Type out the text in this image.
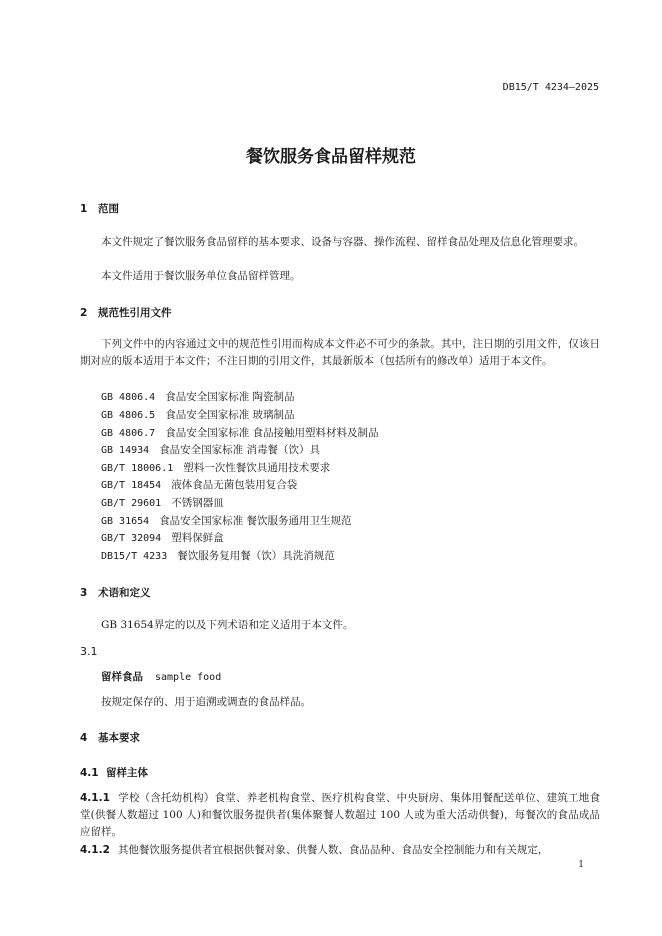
DB15/T 4234—2025
餐饮服务食品留样规范
1 范围
本文件规定了餐饮服务食品留样的基本要求、设备与容器、操作流程、留样食品处理及信息化管理要求。
本文件适用于餐饮服务单位食品留样管理。
2 规范性引用文件
下列文件中的内容通过文中的规范性引用而构成本文件必不可少的条款。其中，注日期的引用文件，仅该日期对应的版本适用于本文件；不注日期的引用文件，其最新版本（包括所有的修改单）适用于本文件。
GB 4806.4 食品安全国家标准 陶瓷制品
GB 4806.5 食品安全国家标准 玻璃制品
GB 4806.7 食品安全国家标准 食品接触用塑料材料及制品
GB 14934 食品安全国家标准 消毒餐（饮）具
GB/T 18006.1 塑料一次性餐饮具通用技术要求
GB/T 18454 液体食品无菌包装用复合袋
GB/T 29601 不锈钢器皿
GB 31654 食品安全国家标准 餐饮服务通用卫生规范
GB/T 32094 塑料保鲜盒
DB15/T 4233 餐饮服务复用餐（饮）具洗消规范
3 术语和定义
GB 31654界定的以及下列术语和定义适用于本文件。
3.1
留样食品 sample food
按规定保存的、用于追溯或调查的食品样品。
4 基本要求
4.1 留样主体
4.1.1 学校（含托幼机构）食堂、养老机构食堂、医疗机构食堂、中央厨房、集体用餐配送单位、建筑工地食堂(供餐人数超过 100 人)和餐饮服务提供者(集体聚餐人数超过 100 人或为重大活动供餐)，每餐次的食品成品应留样。
4.1.2 其他餐饮服务提供者宜根据供餐对象、供餐人数、食品品种、食品安全控制能力和有关规定，
1
